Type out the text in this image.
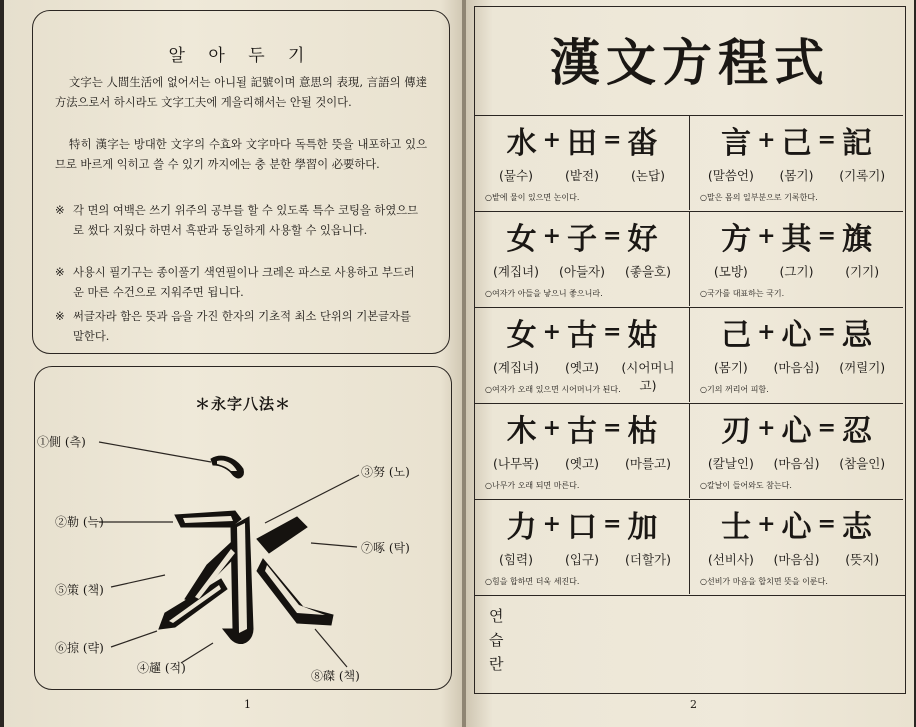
알 아 두 기
文字는 人間生活에 없어서는 아니될 記號이며 意思의 表現, 言語의 傳達方法으로서 하시라도 文字工夫에 게을리해서는 안될 것이다.
特히 漢字는 방대한 文字의 수효와 文字마다 독특한 뜻을 내포하고 있으므로 바르게 익히고 쓸 수 있기 까지에는 충 분한 學習이 必要하다.
※ 각 면의 여백은 쓰기 위주의 공부를 할 수 있도록 특수 코팅을 하였으므로 썼다 지웠다 하면서 흑판과 동일하게 사용할 수 있읍니다.
※ 사용시 필기구는 종이풀기 색연필이나 크레온 파스로 사용하고 부드러운 마른 수건으로 지워주면 됩니다.
※ 써글자라 함은 뜻과 음을 가진 한자의 기초적 최소 단위의 기본글자를 말한다.
＊永字八法＊
①側 (측)
②勒 (늑)
③努 (노)
④趯 (적)
⑤策 (책)
⑥掠 (략)
⑦啄 (탁)
⑧磔 (책)
1
漢文方程式
水 + 田 = 畓
(물수)	(밭전)	(논답)
○밭에 물이 있으면 논이다.
言 + 己 = 記
(말씀언)	(몸기)	(기록기)
○말은 몸의 일부분으로 기록한다.
女 + 子 = 好
(계집녀)	(아들자)	(좋을호)
○여자가 아들을 낳으니 좋으니라.
方 + 其 = 旗
(모방)	(그기)	(기기)
○국가를 대표하는 국기.
女 + 古 = 姑
(계집녀)	(옛고)	(시어머니고)
○여자가 오래 있으면 시어머니가 된다.
己 + 心 = 忌
(몸기)	(마음심)	(꺼릴기)
○기의 꺼리어 피함.
木 + 古 = 枯
(나무목)	(옛고)	(마를고)
○나무가 오래 되면 마른다.
刃 + 心 = 忍
(칼날인)	(마음심)	(참을인)
○칼날이 들어와도 참는다.
力 + 口 = 加
(힘력)	(입구)	(더할가)
○힘을 합하면 더욱 세진다.
士 + 心 = 志
(선비사)	(마음심)	(뜻지)
○선비가 마음을 합치면 뜻을 이룬다.
연습란
2
